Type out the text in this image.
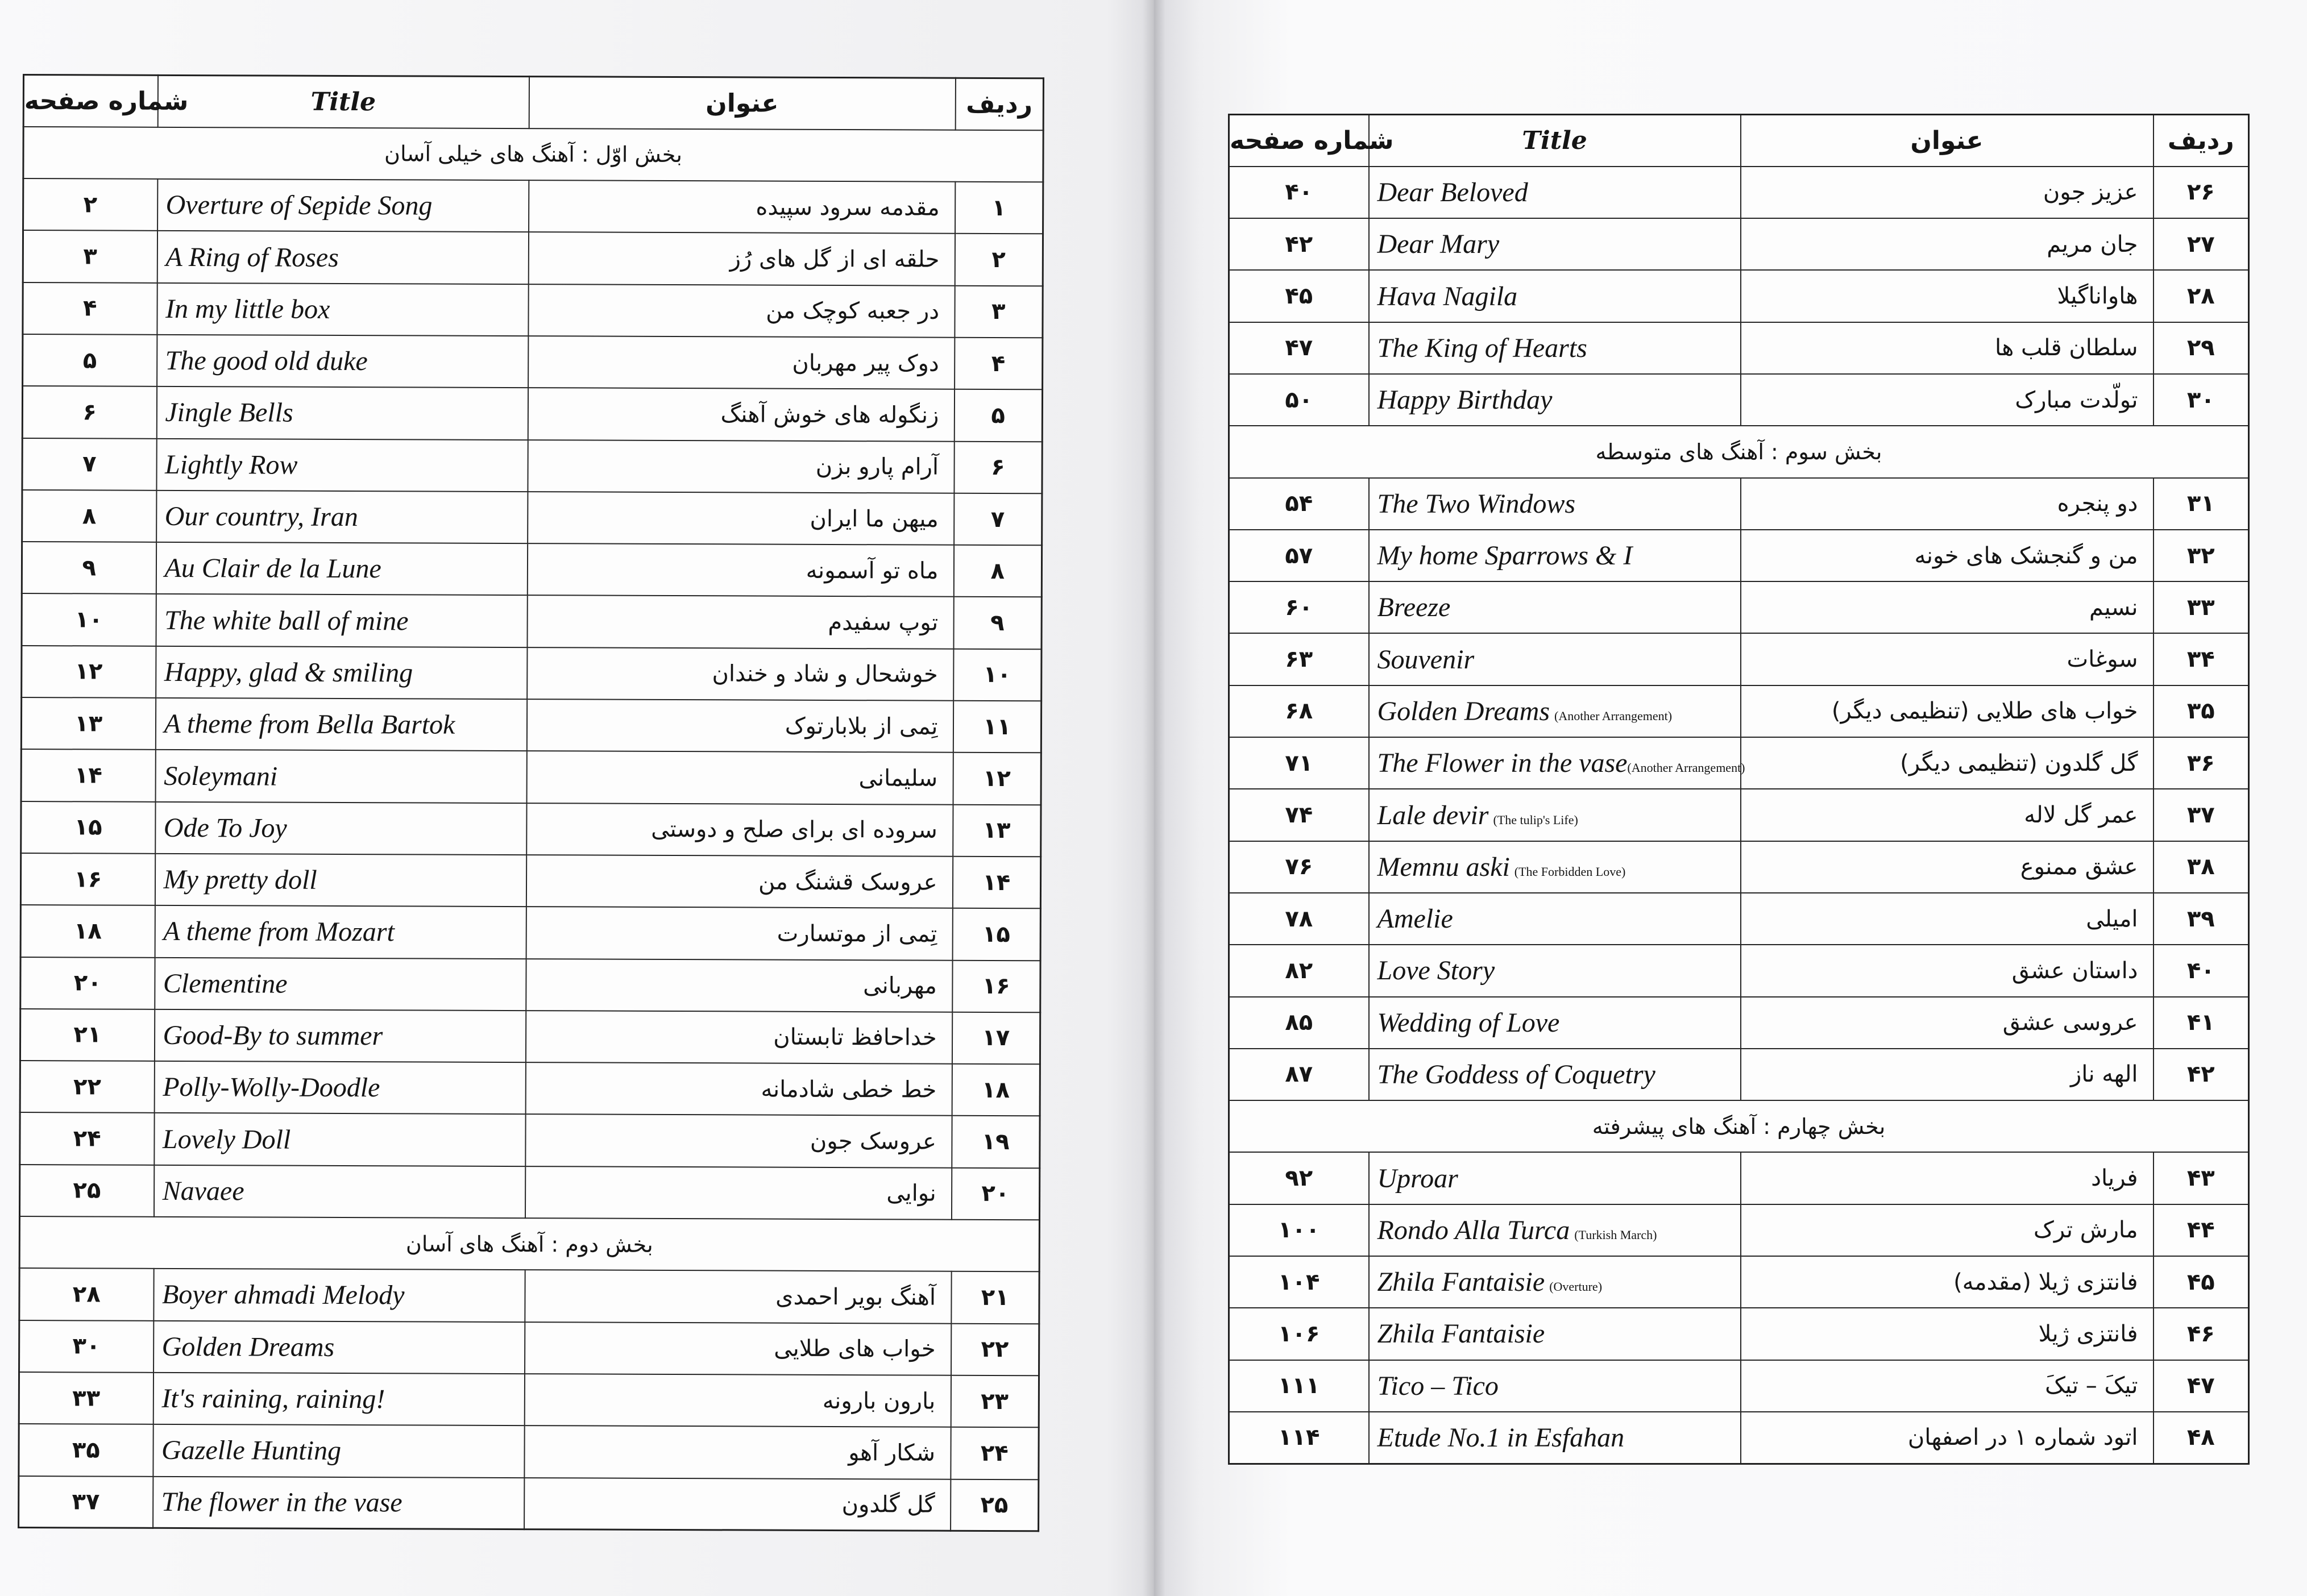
شماره صفحه	Title	عنوان	ردیف
بخش اوّل : آهنگ های خیلی آسان			
۲	Overture of Sepide Song	مقدمه سرود سپیده	۱
۳	A Ring of Roses	حلقه ای از گل های رُز	۲
۴	In my little box	در جعبه کوچک من	۳
۵	The good old duke	دوک پیر مهربان	۴
۶	Jingle Bells	زنگوله های خوش آهنگ	۵
۷	Lightly Row	آرام پارو بزن	۶
۸	Our country, Iran	میهن ما ایران	۷
۹	Au Clair de la Lune	ماه تو آسمونه	۸
۱۰	The white ball of mine	توپ سفیدم	۹
۱۲	Happy, glad & smiling	خوشحال و شاد و خندان	۱۰
۱۳	A theme from Bella Bartok	تِمی از بلابارتوک	۱۱
۱۴	Soleymani	سلیمانی	۱۲
۱۵	Ode To Joy	سروده ای برای صلح و دوستی	۱۳
۱۶	My pretty doll	عروسک قشنگ من	۱۴
۱۸	A theme from Mozart	تِمی از موتسارت	۱۵
۲۰	Clementine	مهربانی	۱۶
۲۱	Good-By to summer	خداحافظ تابستان	۱۷
۲۲	Polly-Wolly-Doodle	خط خطی شادمانه	۱۸
۲۴	Lovely Doll	عروسک جون	۱۹
۲۵	Navaee	نوایی	۲۰
بخش دوم : آهنگ های آسان			
۲۸	Boyer ahmadi Melody	آهنگ بویر احمدی	۲۱
۳۰	Golden Dreams	خواب های طلایی	۲۲
۳۳	It's raining, raining!	بارون بارونه	۲۳
۳۵	Gazelle Hunting	شکار آهو	۲۴
۳۷	The flower in the vase	گل گلدون	۲۵
شماره صفحه	Title	عنوان	ردیف
۴۰	Dear Beloved	عزیز جون	۲۶
۴۲	Dear Mary	جان مریم	۲۷
۴۵	Hava Nagila	هاواناگیلا	۲۸
۴۷	The King of Hearts	سلطان قلب ها	۲۹
۵۰	Happy Birthday	تولّدت مبارک	۳۰
بخش سوم : آهنگ های متوسطه			
۵۴	The Two Windows	دو پنجره	۳۱
۵۷	My home Sparrows & I	من و گنجشک های خونه	۳۲
۶۰	Breeze	نسیم	۳۳
۶۳	Souvenir	سوغات	۳۴
۶۸	Golden Dreams (Another Arrangement)	خواب های طلایی (تنظیمی دیگر)	۳۵
۷۱	The Flower in the vase(Another Arrangement)	گل گلدون (تنظیمی دیگر)	۳۶
۷۴	Lale devir (The tulip's Life)	عمر گل لاله	۳۷
۷۶	Memnu aski (The Forbidden Love)	عشق ممنوع	۳۸
۷۸	Amelie	امیلی	۳۹
۸۲	Love Story	داستان عشق	۴۰
۸۵	Wedding of Love	عروسی عشق	۴۱
۸۷	The Goddess of Coquetry	الهه ناز	۴۲
بخش چهارم : آهنگ های پیشرفته			
۹۲	Uproar	فریاد	۴۳
۱۰۰	Rondo Alla Turca (Turkish March)	مارش ترک	۴۴
۱۰۴	Zhila Fantaisie (Overture)	فانتزی ژیلا (مقدمه)	۴۵
۱۰۶	Zhila Fantaisie	فانتزی ژیلا	۴۶
۱۱۱	Tico – Tico	تیکَ – تیکَ	۴۷
۱۱۴	Etude No.1 in Esfahan	اتود شماره ۱ در اصفهان	۴۸
